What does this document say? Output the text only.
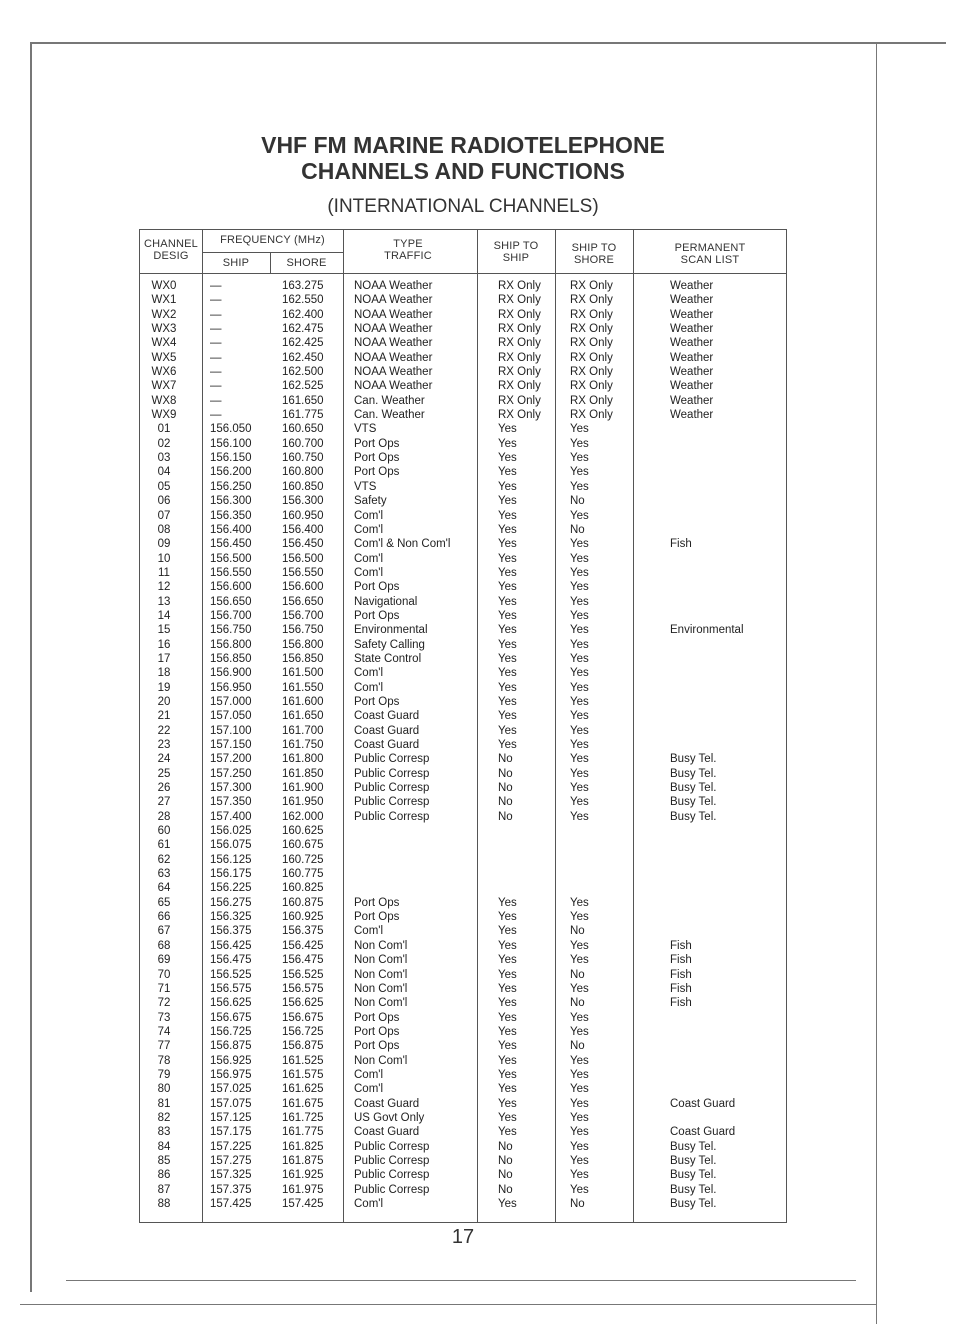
VHF FM MARINE RADIOTELEPHONE
CHANNELS AND FUNCTIONS
(INTERNATIONAL CHANNELS)
CHANNEL DESIG
FREQUENCY (MHz)
SHIP	SHORE
TYPE TRAFFIC
SHIP TO SHIP
SHIP TO SHORE
PERMANENT SCAN LIST
WX0	—	163.275	NOAA Weather	RX Only	RX Only	Weather
WX1	—	162.550	NOAA Weather	RX Only	RX Only	Weather
WX2	—	162.400	NOAA Weather	RX Only	RX Only	Weather
WX3	—	162.475	NOAA Weather	RX Only	RX Only	Weather
WX4	—	162.425	NOAA Weather	RX Only	RX Only	Weather
WX5	—	162.450	NOAA Weather	RX Only	RX Only	Weather
WX6	—	162.500	NOAA Weather	RX Only	RX Only	Weather
WX7	—	162.525	NOAA Weather	RX Only	RX Only	Weather
WX8	—	161.650	Can. Weather	RX Only	RX Only	Weather
WX9	—	161.775	Can. Weather	RX Only	RX Only	Weather
01	156.050	160.650	VTS	Yes	Yes
02	156.100	160.700	Port Ops	Yes	Yes
03	156.150	160.750	Port Ops	Yes	Yes
04	156.200	160.800	Port Ops	Yes	Yes
05	156.250	160.850	VTS	Yes	Yes
06	156.300	156.300	Safety	Yes	No
07	156.350	160.950	Com'l	Yes	Yes
08	156.400	156.400	Com'l	Yes	No
09	156.450	156.450	Com'l & Non Com'l	Yes	Yes	Fish
10	156.500	156.500	Com'l	Yes	Yes
11	156.550	156.550	Com'l	Yes	Yes
12	156.600	156.600	Port Ops	Yes	Yes
13	156.650	156.650	Navigational	Yes	Yes
14	156.700	156.700	Port Ops	Yes	Yes
15	156.750	156.750	Environmental	Yes	Yes	Environmental
16	156.800	156.800	Safety Calling	Yes	Yes
17	156.850	156.850	State Control	Yes	Yes
18	156.900	161.500	Com'l	Yes	Yes
19	156.950	161.550	Com'l	Yes	Yes
20	157.000	161.600	Port Ops	Yes	Yes
21	157.050	161.650	Coast Guard	Yes	Yes
22	157.100	161.700	Coast Guard	Yes	Yes
23	157.150	161.750	Coast Guard	Yes	Yes
24	157.200	161.800	Public Corresp	No	Yes	Busy Tel.
25	157.250	161.850	Public Corresp	No	Yes	Busy Tel.
26	157.300	161.900	Public Corresp	No	Yes	Busy Tel.
27	157.350	161.950	Public Corresp	No	Yes	Busy Tel.
28	157.400	162.000	Public Corresp	No	Yes	Busy Tel.
60	156.025	160.625
61	156.075	160.675
62	156.125	160.725
63	156.175	160.775
64	156.225	160.825
65	156.275	160.875	Port Ops	Yes	Yes
66	156.325	160.925	Port Ops	Yes	Yes
67	156.375	156.375	Com'l	Yes	No
68	156.425	156.425	Non Com'l	Yes	Yes	Fish
69	156.475	156.475	Non Com'l	Yes	Yes	Fish
70	156.525	156.525	Non Com'l	Yes	No	Fish
71	156.575	156.575	Non Com'l	Yes	Yes	Fish
72	156.625	156.625	Non Com'l	Yes	No	Fish
73	156.675	156.675	Port Ops	Yes	Yes
74	156.725	156.725	Port Ops	Yes	Yes
77	156.875	156.875	Port Ops	Yes	No
78	156.925	161.525	Non Com'l	Yes	Yes
79	156.975	161.575	Com'l	Yes	Yes
80	157.025	161.625	Com'l	Yes	Yes
81	157.075	161.675	Coast Guard	Yes	Yes	Coast Guard
82	157.125	161.725	US Govt Only	Yes	Yes
83	157.175	161.775	Coast Guard	Yes	Yes	Coast Guard
84	157.225	161.825	Public Corresp	No	Yes	Busy Tel.
85	157.275	161.875	Public Corresp	No	Yes	Busy Tel.
86	157.325	161.925	Public Corresp	No	Yes	Busy Tel.
87	157.375	161.975	Public Corresp	No	Yes	Busy Tel.
88	157.425	157.425	Com'l	Yes	No	Busy Tel.
17
